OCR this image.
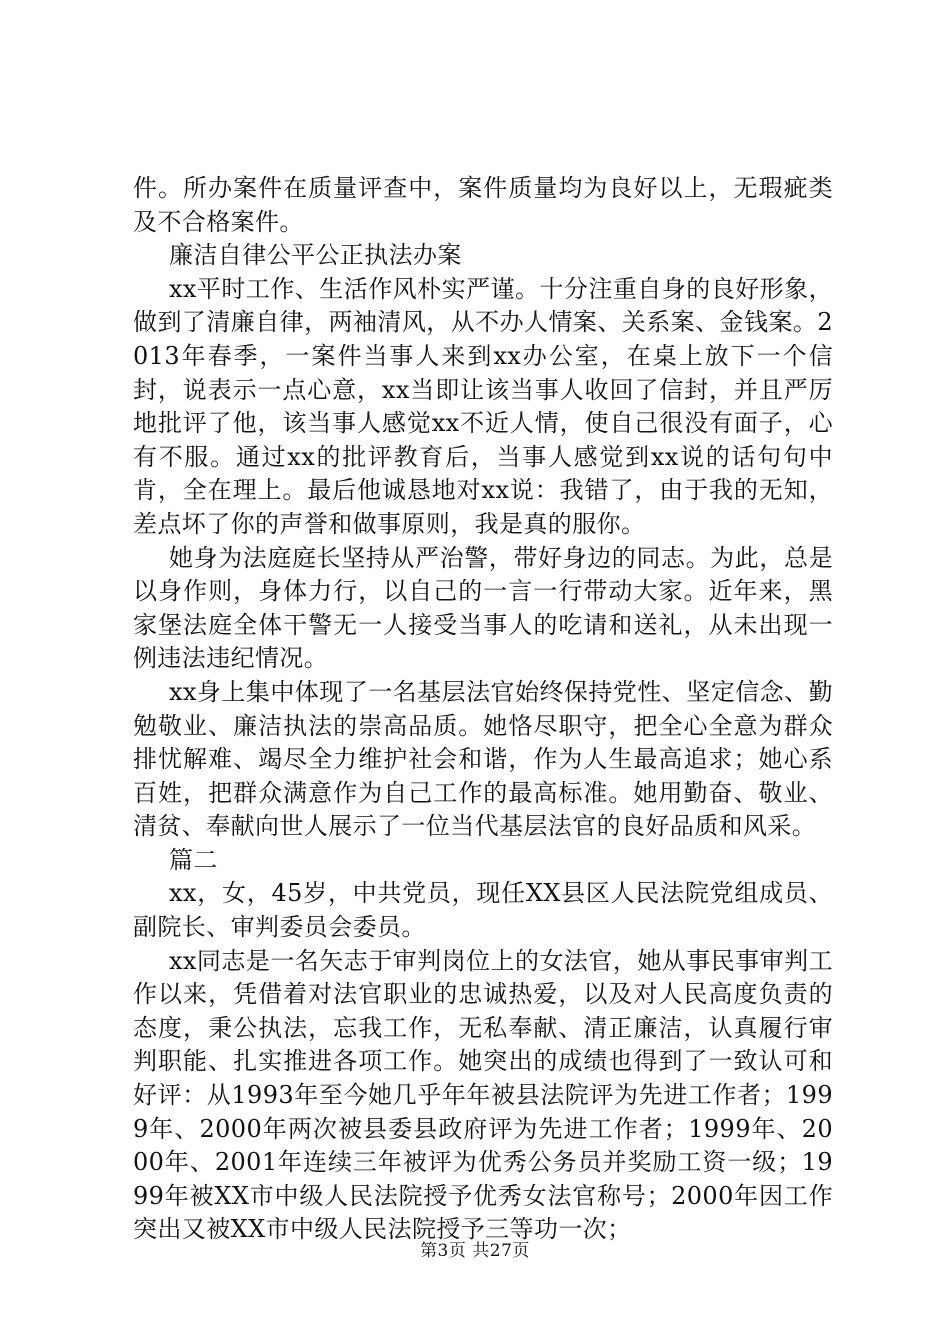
件。所办案件在质量评查中，案件质量均为良好以上，无瑕疵类及不合格案件。

廉洁自律公平公正执法办案

xx平时工作、生活作风朴实严谨。十分注重自身的良好形象，做到了清廉自律，两袖清风，从不办人情案、关系案、金钱案。2013年春季，一案件当事人来到xx办公室，在桌上放下一个信封，说表示一点心意，xx当即让该当事人收回了信封，并且严厉地批评了他，该当事人感觉xx不近人情，使自己很没有面子，心有不服。通过xx的批评教育后，当事人感觉到xx说的话句句中肯，全在理上。最后他诚恳地对xx说：我错了，由于我的无知，差点坏了你的声誉和做事原则，我是真的服你。

她身为法庭庭长坚持从严治警，带好身边的同志。为此，总是以身作则，身体力行，以自己的一言一行带动大家。近年来，黑家堡法庭全体干警无一人接受当事人的吃请和送礼，从未出现一例违法违纪情况。

xx身上集中体现了一名基层法官始终保持党性、坚定信念、勤勉敬业、廉洁执法的崇高品质。她恪尽职守，把全心全意为群众排忧解难、竭尽全力维护社会和谐，作为人生最高追求；她心系百姓，把群众满意作为自己工作的最高标准。她用勤奋、敬业、清贫、奉献向世人展示了一位当代基层法官的良好品质和风采。

篇二

xx，女，45岁，中共党员，现任XX县区人民法院党组成员、副院长、审判委员会委员。

xx同志是一名矢志于审判岗位上的女法官，她从事民事审判工作以来，凭借着对法官职业的忠诚热爱，以及对人民高度负责的态度，秉公执法，忘我工作，无私奉献、清正廉洁，认真履行审判职能、扎实推进各项工作。她突出的成绩也得到了一致认可和好评：从1993年至今她几乎年年被县法院评为先进工作者；1999年、2000年两次被县委县政府评为先进工作者；1999年、2000年、2001年连续三年被评为优秀公务员并奖励工资一级；1999年被XX市中级人民法院授予优秀女法官称号；2000年因工作突出又被XX市中级人民法院授予三等功一次；

第3页 共27页
